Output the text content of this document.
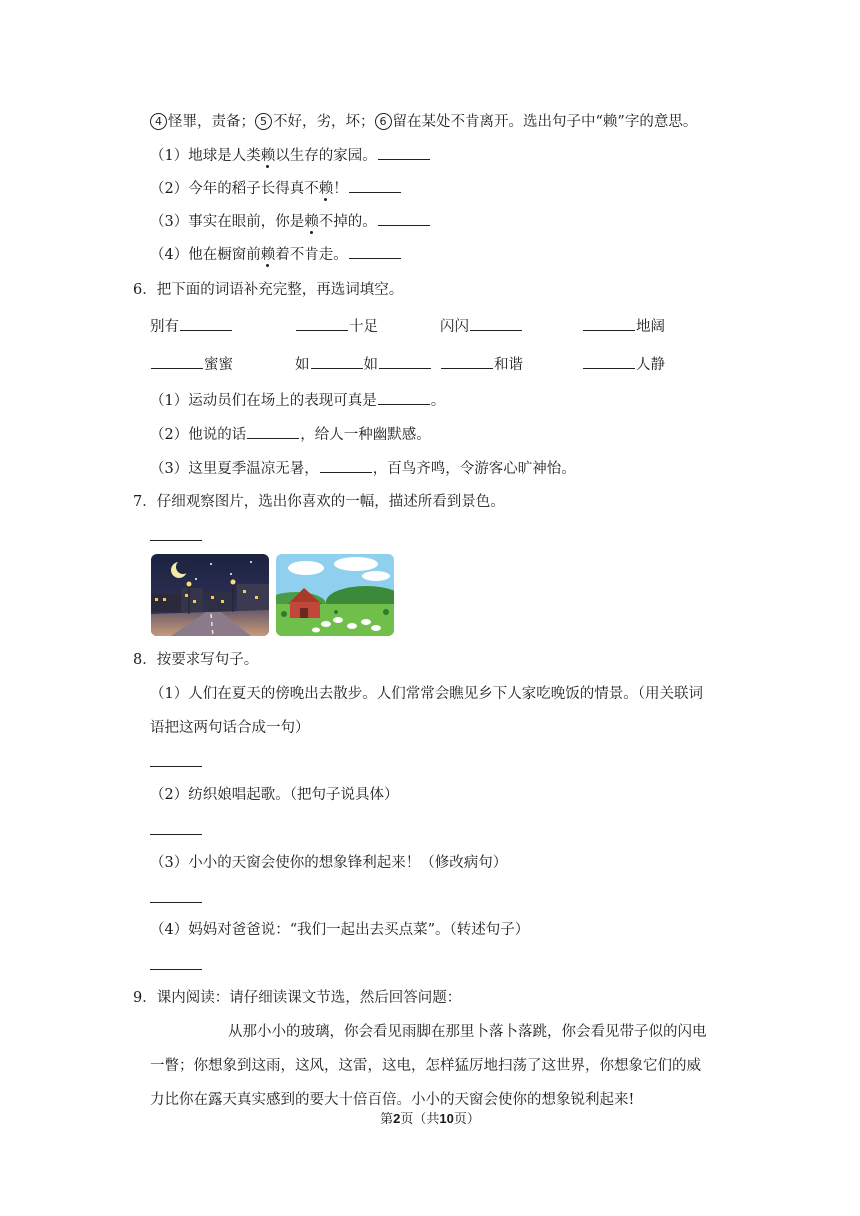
4 怪罪，责备； 5 不好，劣，坏； 6 留在某处不肯离开。选出句子中“赖”字的意思。
（1）地球是人类赖以生存的家园。
（2）今年的稻子长得真不赖！
（3）事实在眼前，你是赖不掉的。
（4）他在橱窗前赖着不肯走。
6．把下面的词语补充完整，再选词填空。
别有	十足	闪闪	地阔
蜜蜜	如	如	和谐	人静
（1）运动员们在场上的表现可真是	。
（2）他说的话	，给人一种幽默感。
（3）这里夏季温凉无暑，	，百鸟齐鸣，令游客心旷神怡。
7．仔细观察图片，选出你喜欢的一幅，描述所看到景色。
8．按要求写句子。
（1）人们在夏天的傍晚出去散步。人们常常会瞧见乡下人家吃晚饭的情景。（用关联词
语把这两句话合成一句）
（2）纺织娘唱起歌。（把句子说具体）
（3）小小的天窗会使你的想象锋利起来！（修改病句）
（4）妈妈对爸爸说：“我们一起出去买点菜”。（转述句子）
9．课内阅读：请仔细读课文节选，然后回答问题：
从那小小的玻璃，你会看见雨脚在那里卜落卜落跳，你会看见带子似的闪电
一瞥；你想象到这雨，这风，这雷，这电，怎样猛厉地扫荡了这世界，你想象它们的威
力比你在露天真实感到的要大十倍百倍。小小的天窗会使你的想象锐利起来!
第2页（共10页）
